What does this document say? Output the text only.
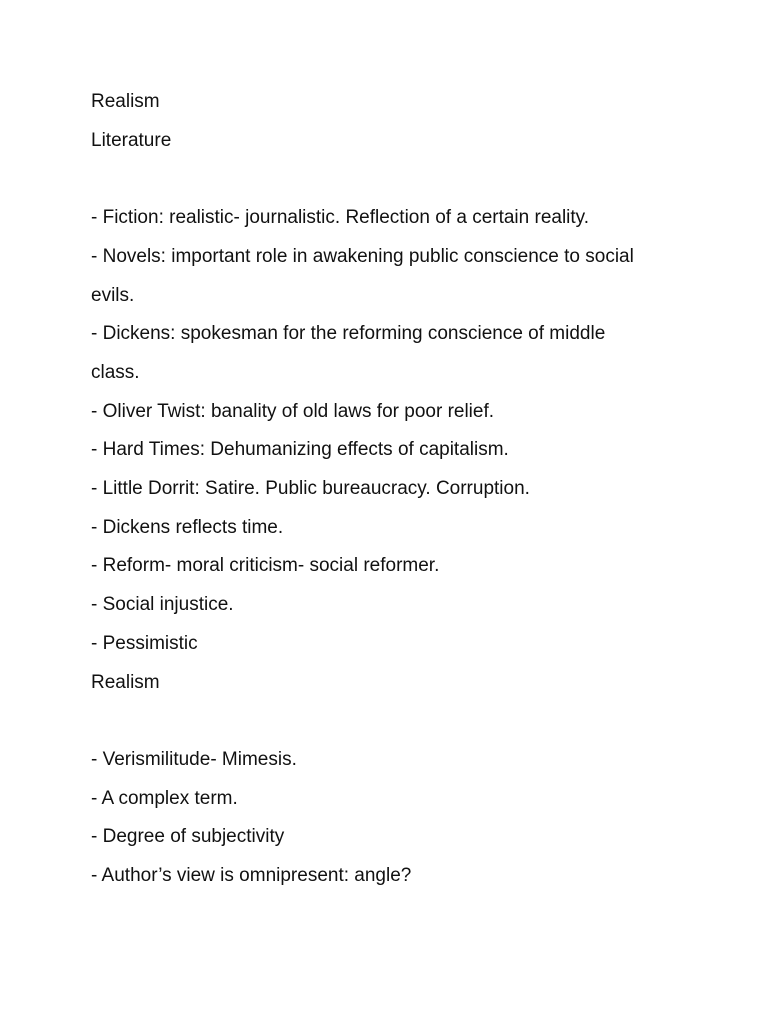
Realism
Literature
- Fiction: realistic- journalistic. Reflection of a certain reality.
- Novels: important role in awakening public conscience to social evils.
- Dickens: spokesman for the reforming conscience of middle class.
- Oliver Twist: banality of old laws for poor relief.
- Hard Times: Dehumanizing effects of capitalism.
- Little Dorrit: Satire. Public bureaucracy. Corruption.
- Dickens reflects time.
- Reform- moral criticism- social reformer.
- Social injustice.
- Pessimistic
Realism
- Verismilitude- Mimesis.
- A complex term.
- Degree of subjectivity
- Author’s view is omnipresent: angle?
